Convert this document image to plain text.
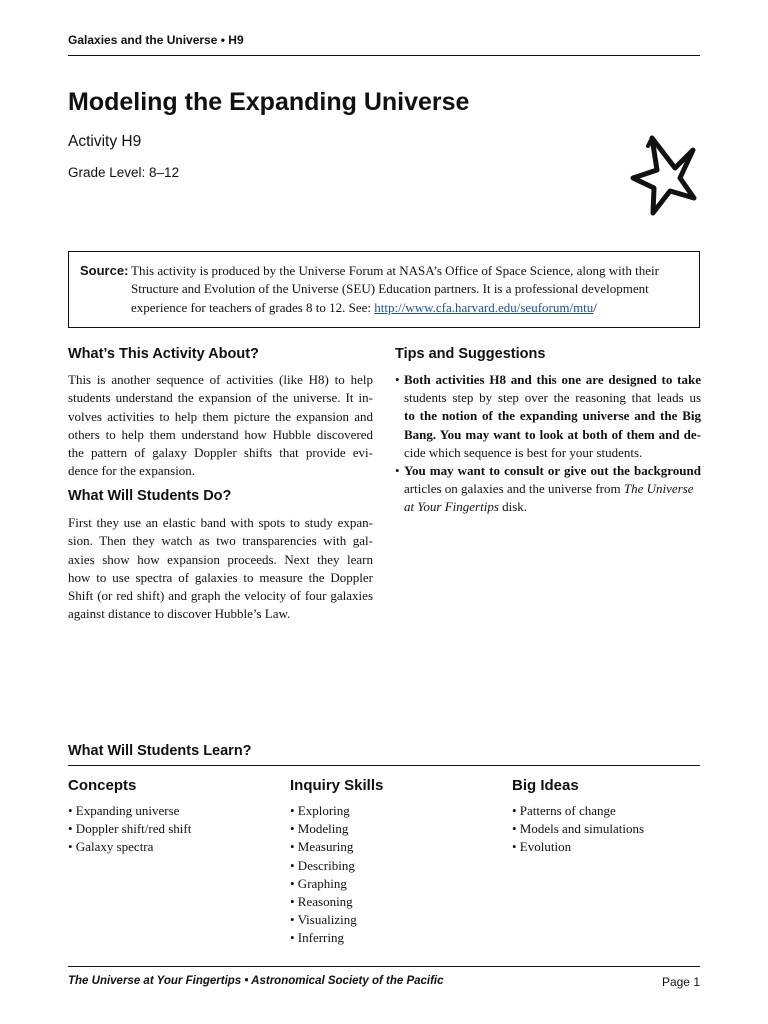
Galaxies and the Universe • H9
Modeling the Expanding Universe
Activity H9
Grade Level: 8–12
Source: This activity is produced by the Universe Forum at NASA’s Office of Space Science, along with their
Structure and Evolution of the Universe (SEU) Education partners. It is a professional development
experience for teachers of grades 8 to 12. See: http://www.cfa.harvard.edu/seuforum/mtu/
What’s This Activity About?
This is another sequence of activities (like H8) to help
students understand the expansion of the universe. It in-
volves activities to help them picture the expansion and
others to help them understand how Hubble discovered
the pattern of galaxy Doppler shifts that provide evi-
dence for the expansion.
What Will Students Do?
First they use an elastic band with spots to study expan-
sion. Then they watch as two transparencies with gal-
axies show how expansion proceeds. Next they learn
how to use spectra of galaxies to measure the Doppler
Shift (or red shift) and graph the velocity of four galaxies
against distance to discover Hubble’s Law.
Tips and Suggestions
• Both activities H8 and this one are designed to take
students step by step over the reasoning that leads us
to the notion of the expanding universe and the Big
Bang. You may want to look at both of them and de-
cide which sequence is best for your students.
• You may want to consult or give out the background
articles on galaxies and the universe from The Universe
at Your Fingertips disk.
What Will Students Learn?
Concepts
• Expanding universe
• Doppler shift/red shift
• Galaxy spectra
Inquiry Skills
• Exploring
• Modeling
• Measuring
• Describing
• Graphing
• Reasoning
• Visualizing
• Inferring
Big Ideas
• Patterns of change
• Models and simulations
• Evolution
The Universe at Your Fingertips • Astronomical Society of the Pacific	Page 1
